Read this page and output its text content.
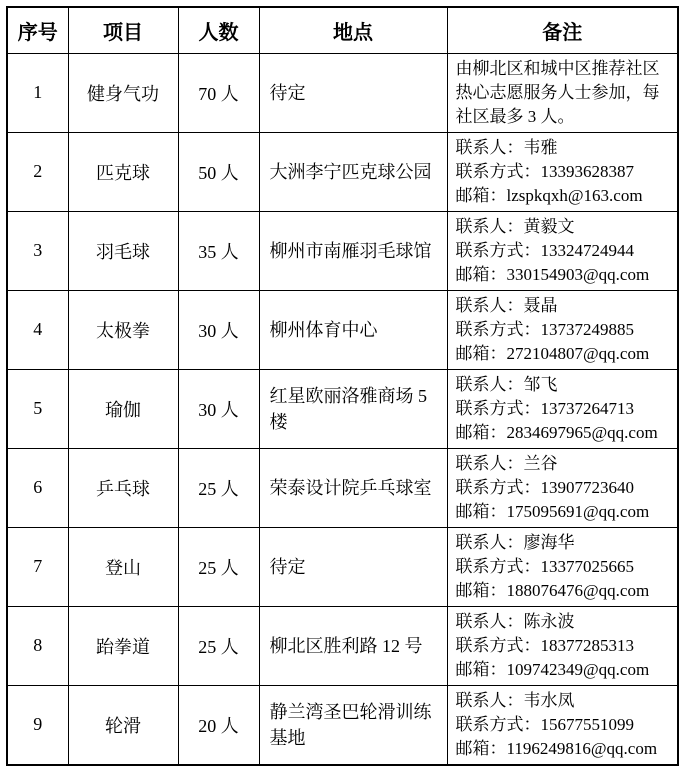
序号	项目	人数	地点	备注
1	健身气功	70 人	待定	由柳北区和城中区推荐社区热心志愿服务人士参加，每社区最多 3 人。

2	匹克球	50 人	大洲李宁匹克球公园	联系人：韦雅
联系方式：13393628387
邮箱：lzspkqxh@163.com

3	羽毛球	35 人	柳州市南雁羽毛球馆	联系人：黄毅文
联系方式：13324724944
邮箱：330154903@qq.com

4	太极拳	30 人	柳州体育中心	联系人：聂晶
联系方式：13737249885
邮箱：272104807@qq.com

5	瑜伽	30 人	红星欧丽洛雅商场 5 楼	联系人：邹飞
联系方式：13737264713
邮箱：2834697965@qq.com

6	乒乓球	25 人	荣泰设计院乒乓球室	联系人：兰谷
联系方式：13907723640
邮箱：175095691@qq.com

7	登山	25 人	待定	联系人：廖海华
联系方式：13377025665
邮箱：188076476@qq.com

8	跆拳道	25 人	柳北区胜利路 12 号	联系人：陈永波
联系方式：18377285313
邮箱：109742349@qq.com

9	轮滑	20 人	静兰湾圣巴轮滑训练基地	联系人：韦水凤
联系方式：15677551099
邮箱：1196249816@qq.com
